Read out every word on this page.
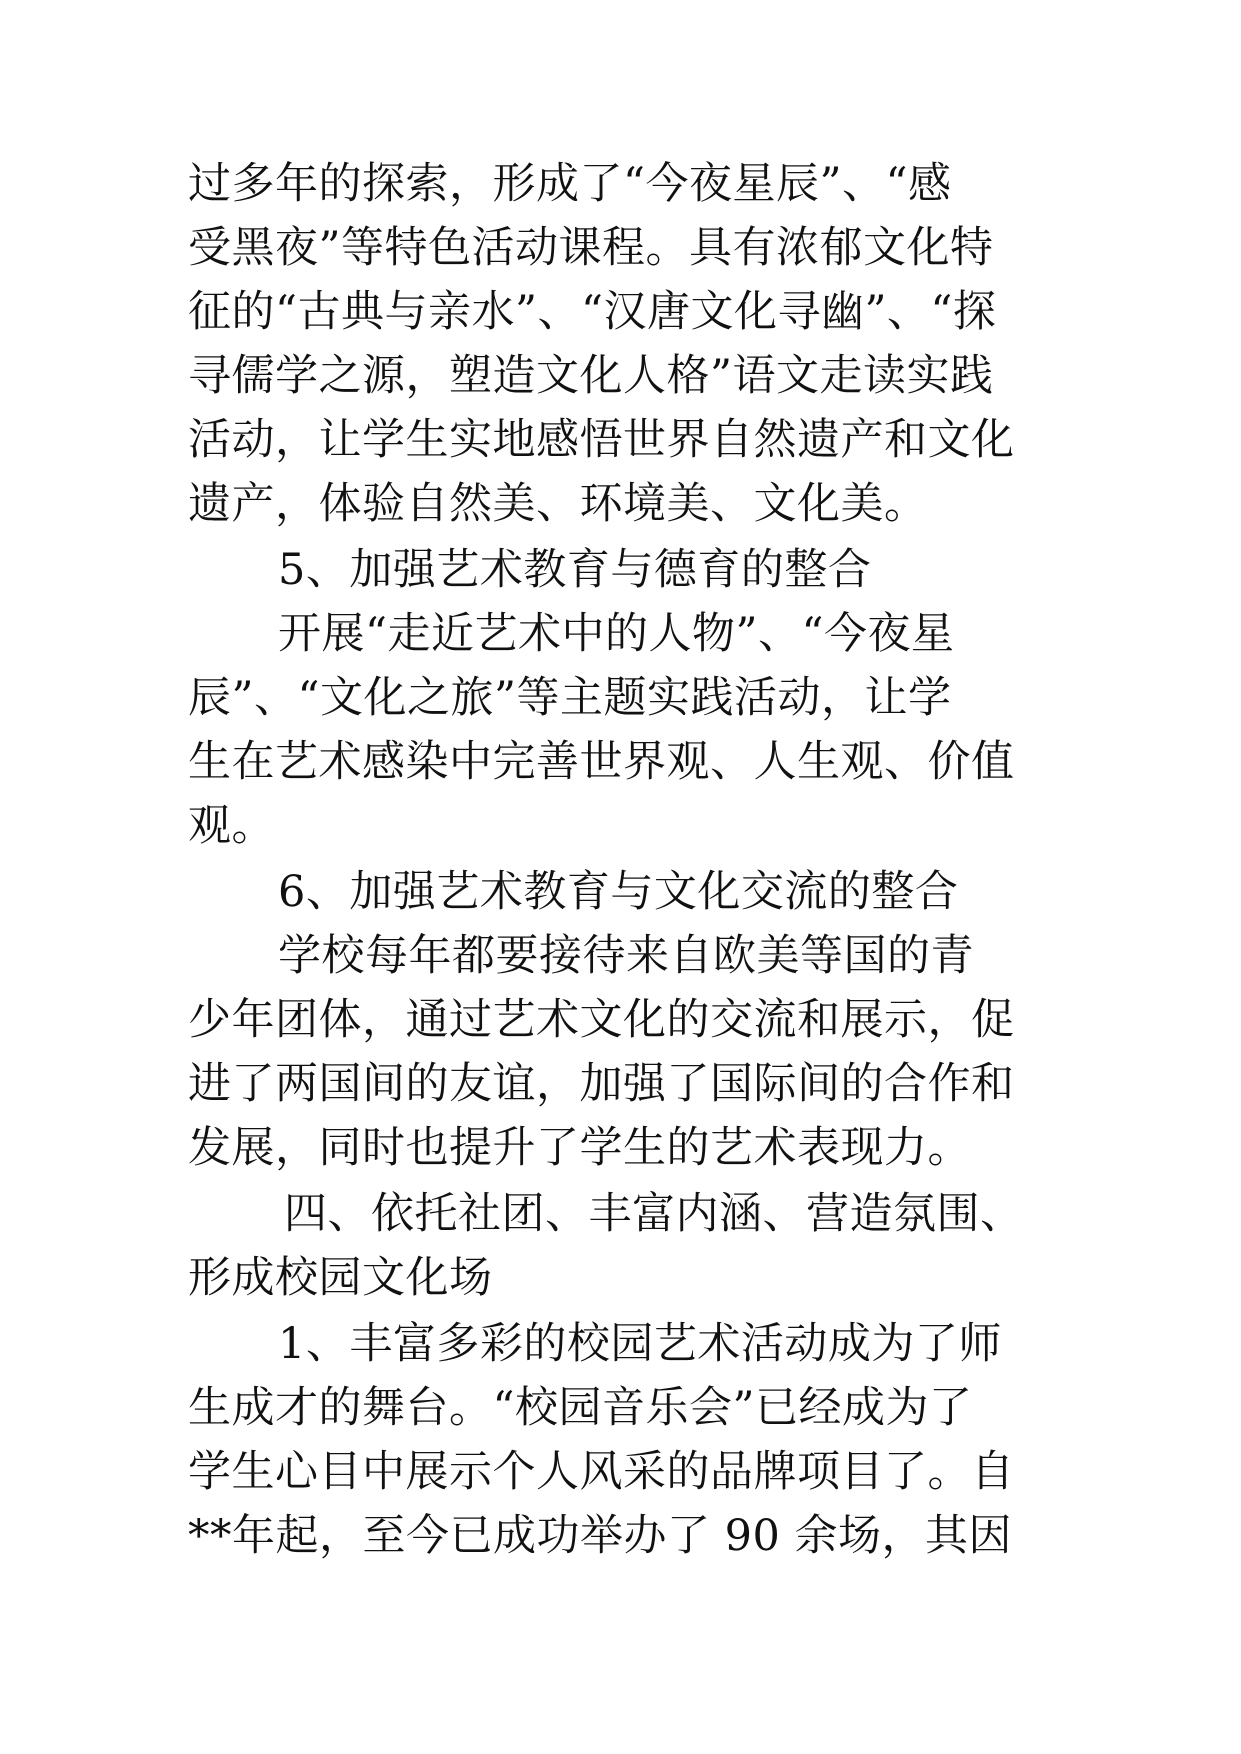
过多年的探索，形成了“今夜星辰”、“感
受黑夜”等特色活动课程。具有浓郁文化特
征的“古典与亲水”、“汉唐文化寻幽”、“探
寻儒学之源，塑造文化人格”语文走读实践
活动，让学生实地感悟世界自然遗产和文化
遗产，体验自然美、环境美、文化美。
5、加强艺术教育与德育的整合
开展“走近艺术中的人物”、“今夜星
辰”、“文化之旅”等主题实践活动，让学
生在艺术感染中完善世界观、人生观、价值
观。
6、加强艺术教育与文化交流的整合
学校每年都要接待来自欧美等国的青
少年团体，通过艺术文化的交流和展示，促
进了两国间的友谊，加强了国际间的合作和
发展，同时也提升了学生的艺术表现力。
四、依托社团、丰富内涵、营造氛围、
形成校园文化场
1、丰富多彩的校园艺术活动成为了师
生成才的舞台。“校园音乐会”已经成为了
学生心目中展示个人风采的品牌项目了。自
**年起，至今已成功举办了 90 余场，其因
